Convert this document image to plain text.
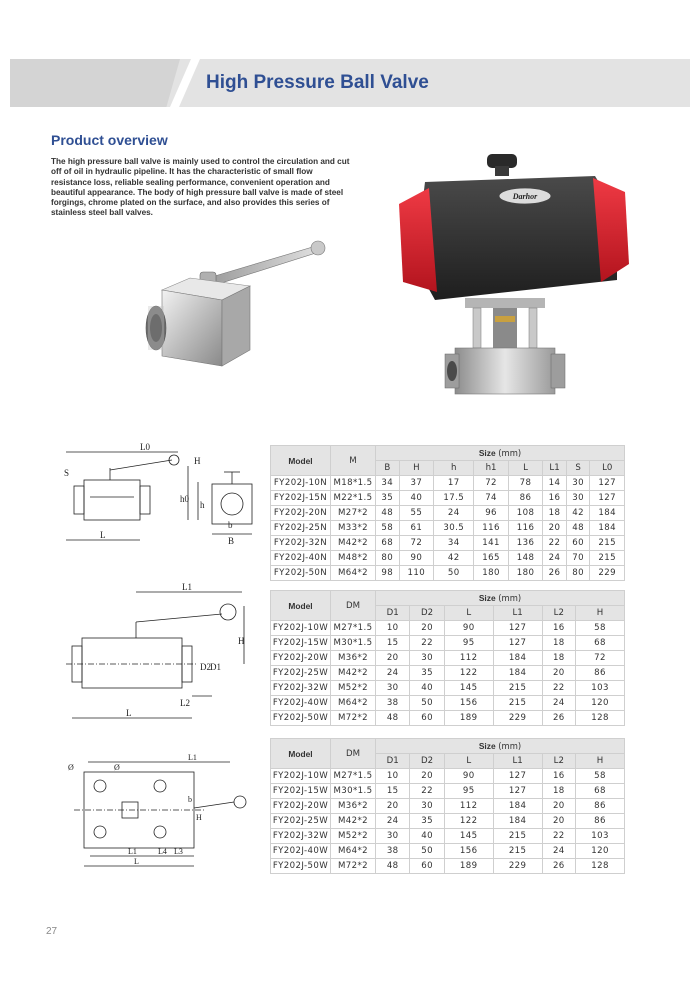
High Pressure Ball Valve
Product overview
The high pressure ball valve is mainly used to control the circulation and cut off of oil in hydraulic pipeline. It has the characteristic of small flow resistance loss, reliable sealing performance, convenient operation and beautiful appearance. The body of high pressure ball valve is made of steel forgings, chrome plated on the surface, and also provides this series of stainless steel ball valves.
Darhor
L0
S
L
H
h0
h
B
b
L1
H
D2 D1
L2
L
L1
Ø	Ø
b
H
L1	L4 L3
L
Model	M	Size (mm)							
		B	H	h	h1	L	L1	S	L0
FY202J-10N	M18*1.5	34	37	17	72	78	14	30	127
FY202J-15N	M22*1.5	35	40	17.5	74	86	16	30	127
FY202J-20N	M27*2	48	55	24	96	108	18	42	184
FY202J-25N	M33*2	58	61	30.5	116	116	20	48	184
FY202J-32N	M42*2	68	72	34	141	136	22	60	215
FY202J-40N	M48*2	80	90	42	165	148	24	70	215
FY202J-50N	M64*2	98	110	50	180	180	26	80	229
Model	DM	Size (mm)					
		D1	D2	L	L1	L2	H
FY202J-10W	M27*1.5	10	20	90	127	16	58
FY202J-15W	M30*1.5	15	22	95	127	18	68
FY202J-20W	M36*2	20	30	112	184	18	72
FY202J-25W	M42*2	24	35	122	184	20	86
FY202J-32W	M52*2	30	40	145	215	22	103
FY202J-40W	M64*2	38	50	156	215	24	120
FY202J-50W	M72*2	48	60	189	229	26	128
Model	DM	Size (mm)					
		D1	D2	L	L1	L2	H
FY202J-10W	M27*1.5	10	20	90	127	16	58
FY202J-15W	M30*1.5	15	22	95	127	18	68
FY202J-20W	M36*2	20	30	112	184	20	86
FY202J-25W	M42*2	24	35	122	184	20	86
FY202J-32W	M52*2	30	40	145	215	22	103
FY202J-40W	M64*2	38	50	156	215	24	120
FY202J-50W	M72*2	48	60	189	229	26	128
27
